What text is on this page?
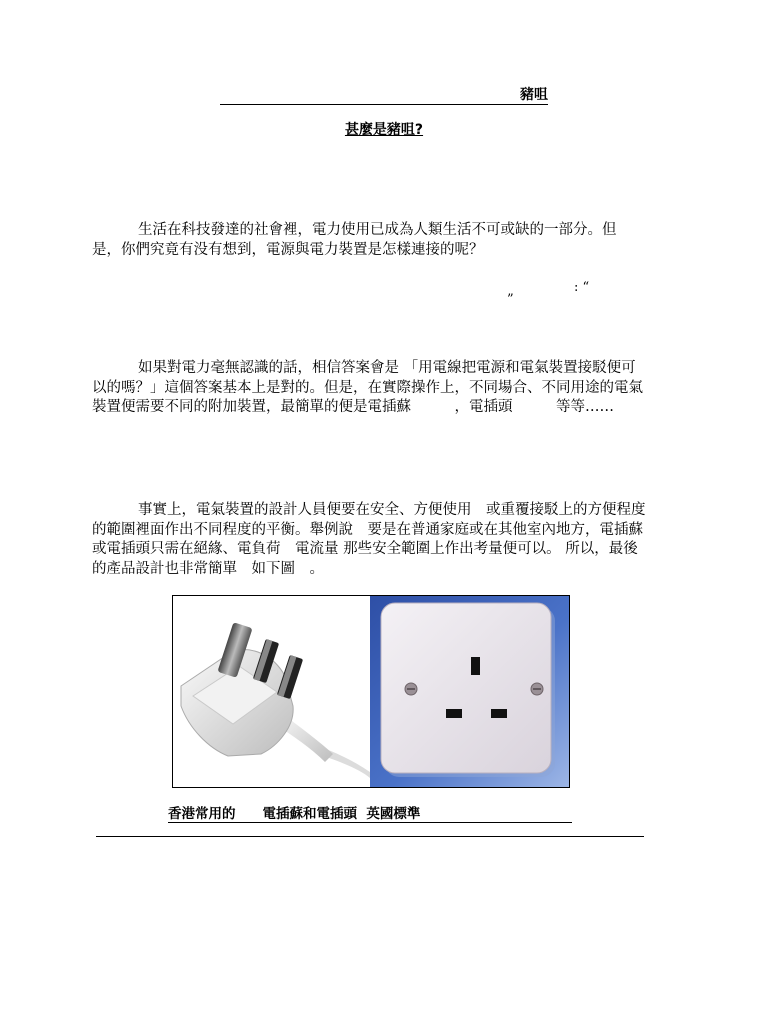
豬咀
甚麼是豬咀?
生活在科技發達的社會裡，電力使用已成為人類生活不可或缺的一部分。但
是，你們究竟有没有想到，電源與電力裝置是怎樣連接的呢？
: “
”
如果對電力毫無認識的話，相信答案會是 「用電線把電源和電氣裝置接駁便可
以的嗎？」這個答案基本上是對的。但是，在實際操作上，不同場合、不同用途的電氣
裝置便需要不同的附加裝置，最簡單的便是電插蘇　　　，電插頭　　　等等……
事實上，電氣裝置的設計人員便要在安全、方便使用　或重覆接駁上的方便程度
的範圍裡面作出不同程度的平衡。舉例說　要是在普通家庭或在其他室內地方，電插蘇
或電插頭只需在絕緣、電負荷　電流量 那些安全範圍上作出考量便可以。 所以，最後
的產品設計也非常簡單　如下圖　。
香港常用的　　電插蘇和電插頭  英國標準
